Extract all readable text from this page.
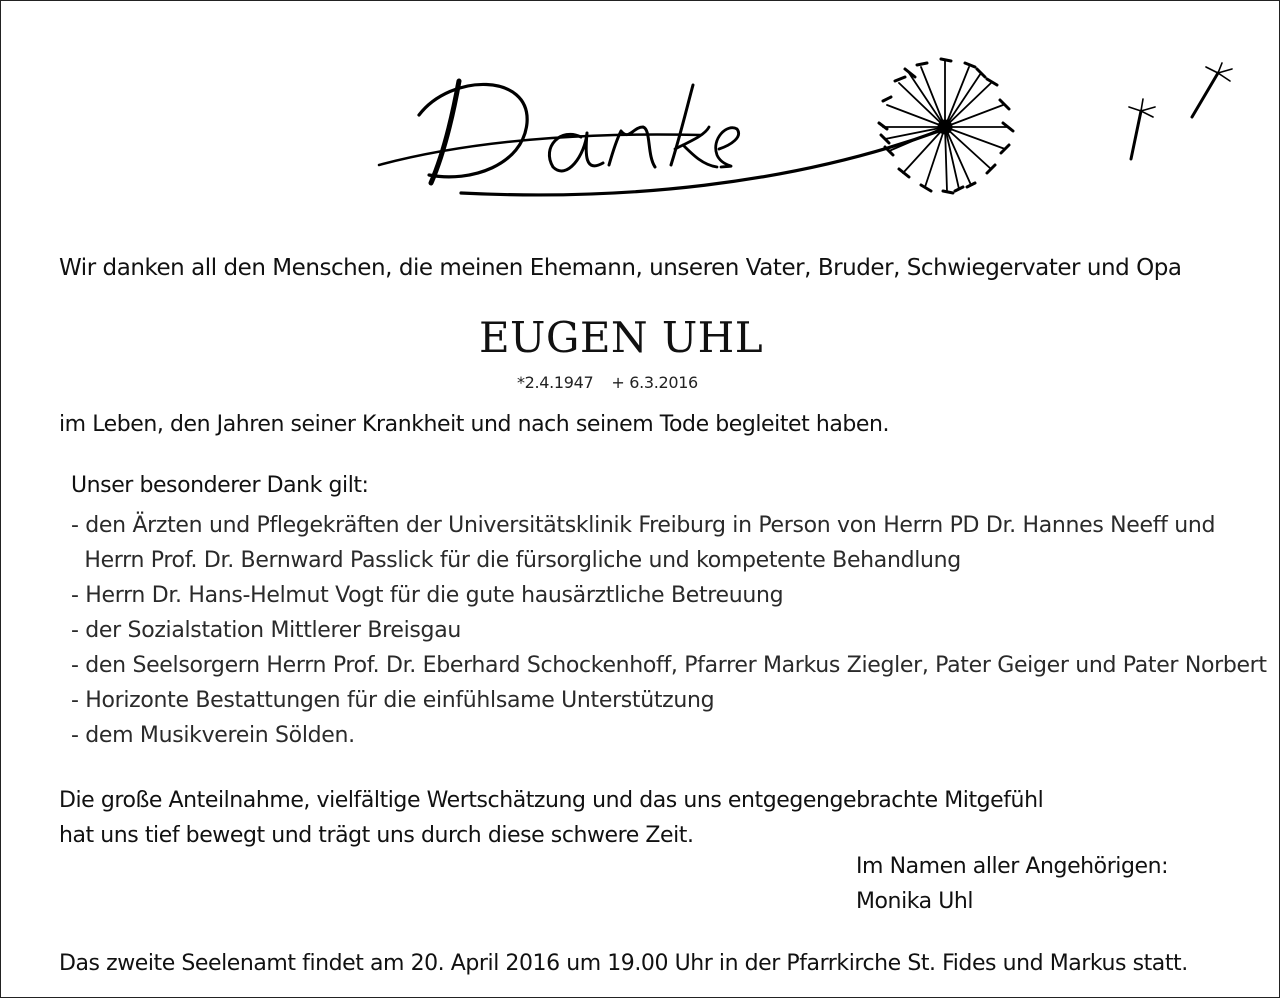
Wir danken all den Menschen, die meinen Ehemann, unseren Vater, Bruder, Schwiegervater und Opa
EUGEN UHL
*2.4.1947 + 6.3.2016
im Leben, den Jahren seiner Krankheit und nach seinem Tode begleitet haben.
Unser besonderer Dank gilt:
- den Ärzten und Pflegekräften der Universitätsklinik Freiburg in Person von Herrn PD Dr. Hannes Neeff und
Herrn Prof. Dr. Bernward Passlick für die fürsorgliche und kompetente Behandlung
- Herrn Dr. Hans-Helmut Vogt für die gute hausärztliche Betreuung
- der Sozialstation Mittlerer Breisgau
- den Seelsorgern Herrn Prof. Dr. Eberhard Schockenhoff, Pfarrer Markus Ziegler, Pater Geiger und Pater Norbert
- Horizonte Bestattungen für die einfühlsame Unterstützung
- dem Musikverein Sölden.
Die große Anteilnahme, vielfältige Wertschätzung und das uns entgegengebrachte Mitgefühl
hat uns tief bewegt und trägt uns durch diese schwere Zeit.
Im Namen aller Angehörigen:
Monika Uhl
Das zweite Seelenamt findet am 20. April 2016 um 19.00 Uhr in der Pfarrkirche St. Fides und Markus statt.
